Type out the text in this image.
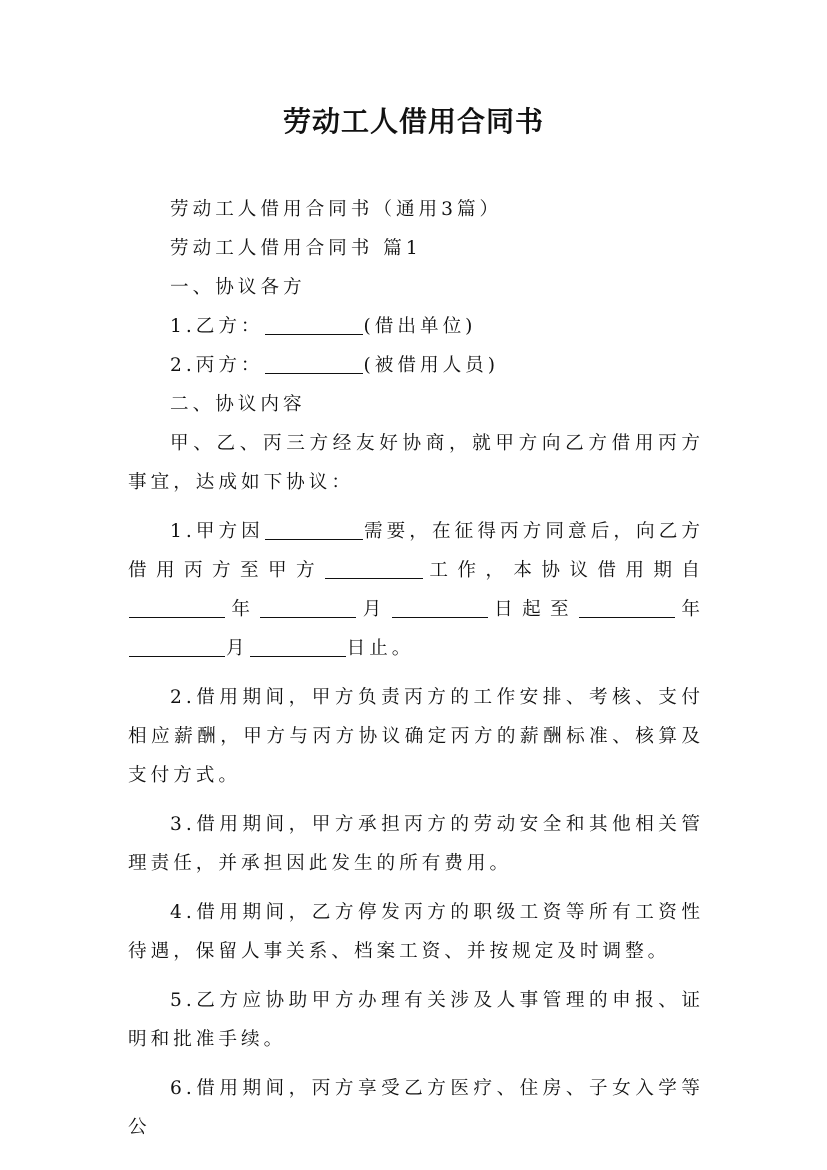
劳动工人借用合同书
劳动工人借用合同书（通用3篇）
劳动工人借用合同书 篇1
一、协议各方
1.乙方：	(借出单位)
2.丙方：	(被借用人员)
二、协议内容
甲、乙、丙三方经友好协商，就甲方向乙方借用丙方事宜，达成如下协议：
1.甲方因	需要，在征得丙方同意后，向乙方借用丙方至甲方	工作，本协议借用期自年	月	日起至	年月	日止。
2.借用期间，甲方负责丙方的工作安排、考核、支付相应薪酬，甲方与丙方协议确定丙方的薪酬标准、核算及支付方式。
3.借用期间，甲方承担丙方的劳动安全和其他相关管理责任，并承担因此发生的所有费用。
4.借用期间，乙方停发丙方的职级工资等所有工资性待遇，保留人事关系、档案工资、并按规定及时调整。
5.乙方应协助甲方办理有关涉及人事管理的申报、证明和批准手续。
6.借用期间，丙方享受乙方医疗、住房、子女入学等公
